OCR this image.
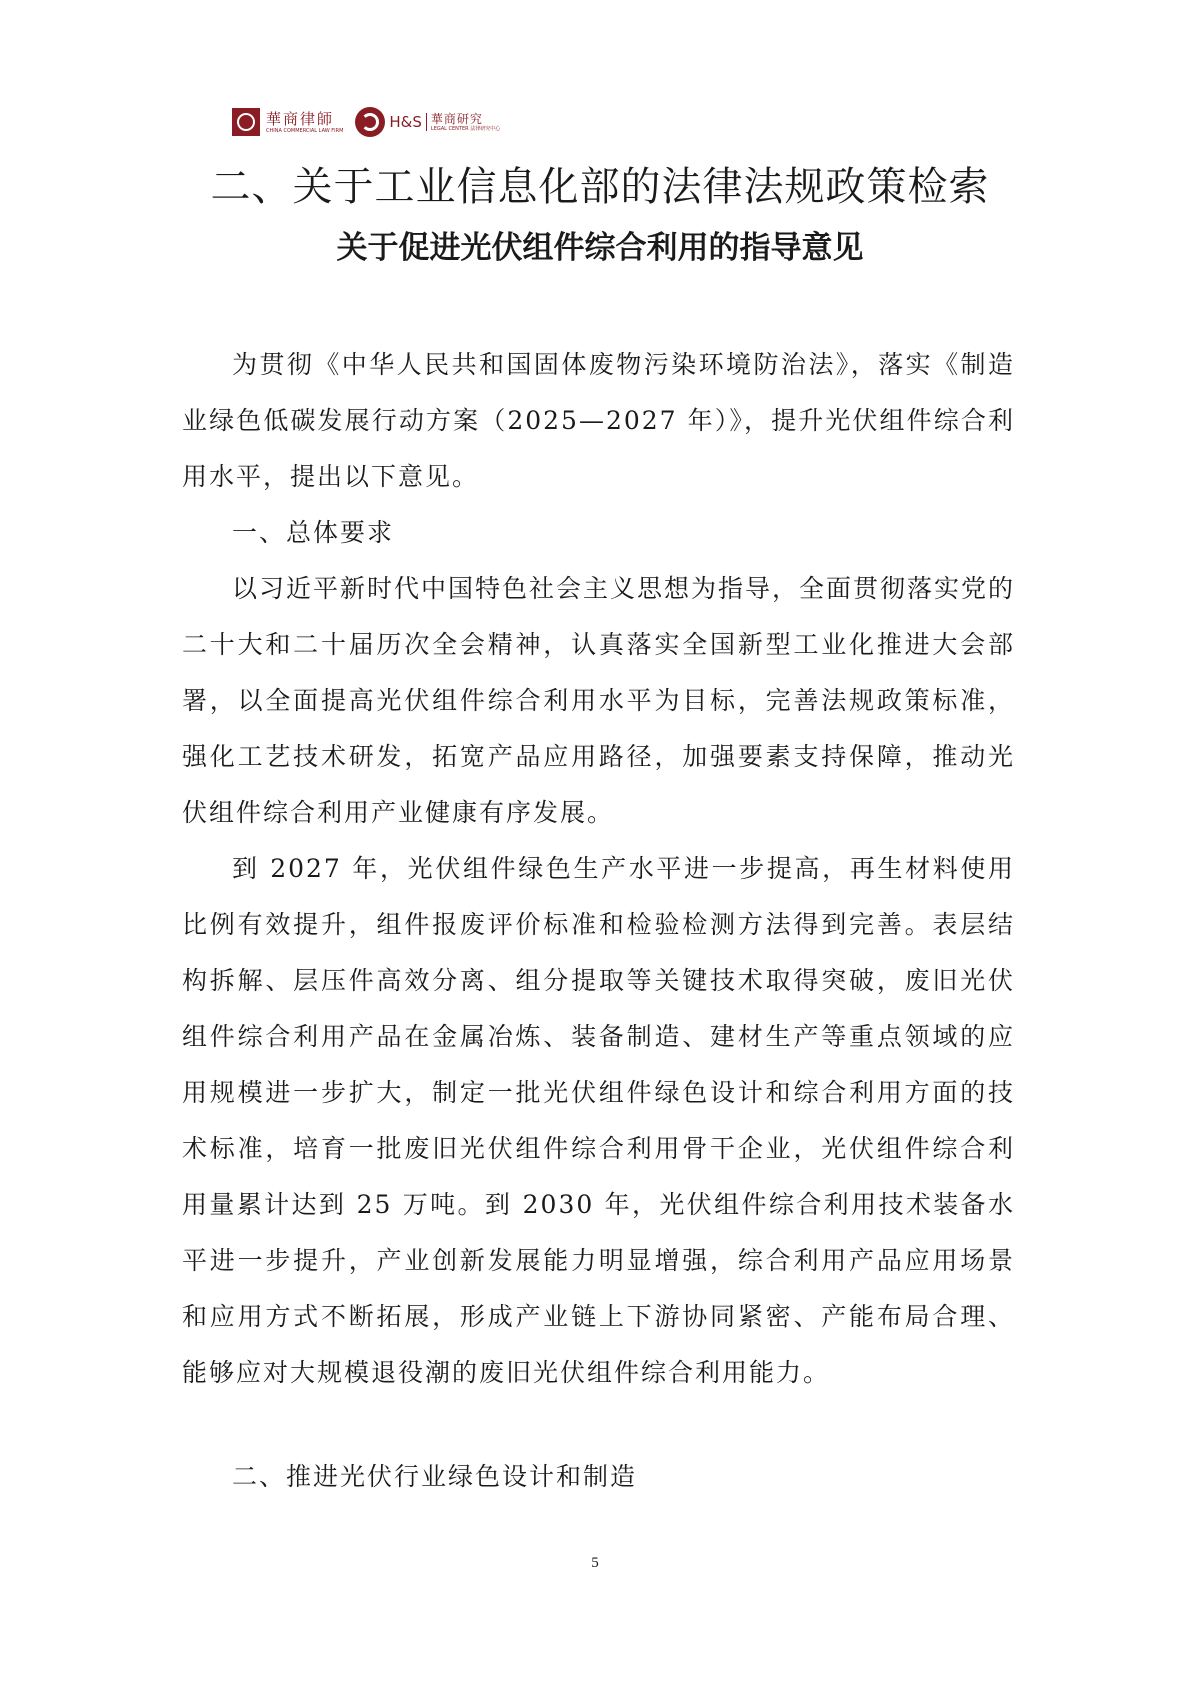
華商律師
CHINA COMMERCIAL LAW FIRM	H&S 華商研究
LEGAL CENTER 法律研究中心
二、关于工业信息化部的法律法规政策检索
关于促进光伏组件综合利用的指导意见

为贯彻《中华人民共和国固体废物污染环境防治法》，落实《制造业绿色低碳发展行动方案（2025—2027 年）》，提升光伏组件综合利用水平，提出以下意见。

一、总体要求

以习近平新时代中国特色社会主义思想为指导，全面贯彻落实党的二十大和二十届历次全会精神，认真落实全国新型工业化推进大会部署，以全面提高光伏组件综合利用水平为目标，完善法规政策标准，强化工艺技术研发，拓宽产品应用路径，加强要素支持保障，推动光伏组件综合利用产业健康有序发展。

到 2027 年，光伏组件绿色生产水平进一步提高，再生材料使用比例有效提升，组件报废评价标准和检验检测方法得到完善。表层结构拆解、层压件高效分离、组分提取等关键技术取得突破，废旧光伏组件综合利用产品在金属冶炼、装备制造、建材生产等重点领域的应用规模进一步扩大，制定一批光伏组件绿色设计和综合利用方面的技术标准，培育一批废旧光伏组件综合利用骨干企业，光伏组件综合利用量累计达到 25 万吨。到 2030 年，光伏组件综合利用技术装备水平进一步提升，产业创新发展能力明显增强，综合利用产品应用场景和应用方式不断拓展，形成产业链上下游协同紧密、产能布局合理、能够应对大规模退役潮的废旧光伏组件综合利用能力。

二、推进光伏行业绿色设计和制造

5
